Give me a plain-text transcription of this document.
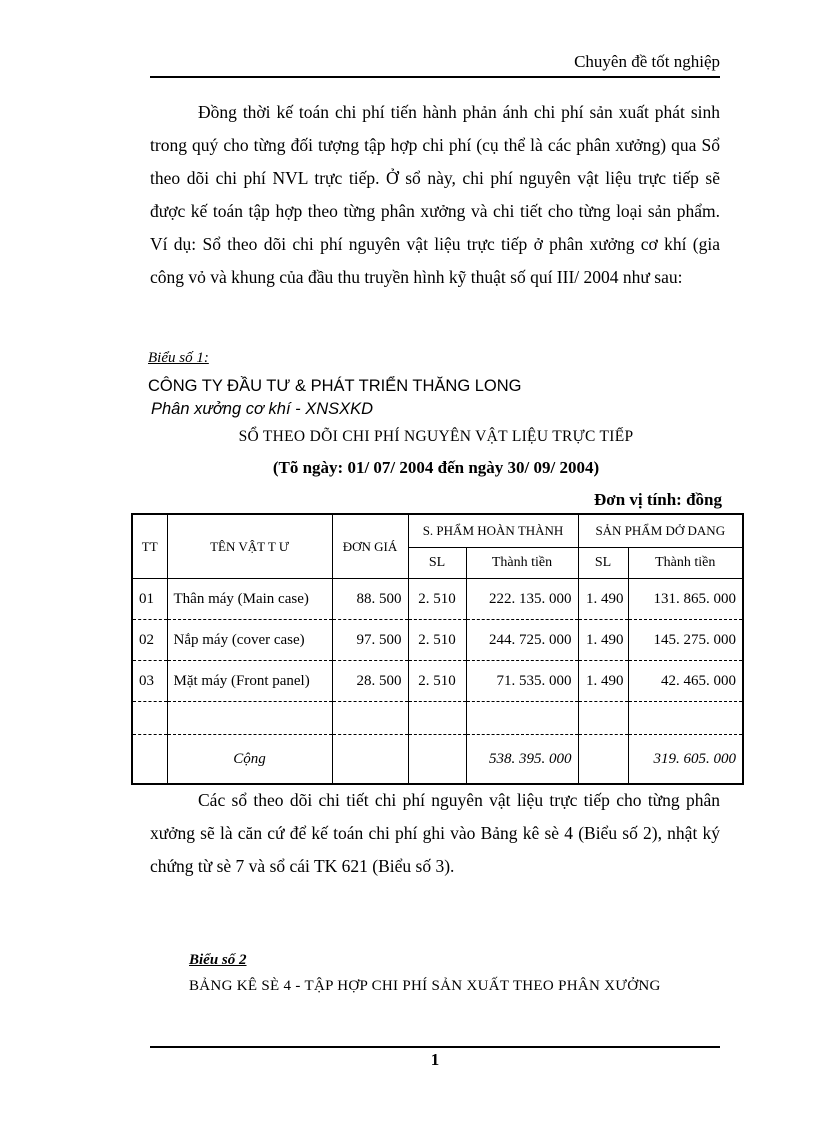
Chuyên đề tốt nghiệp

Đồng thời kế toán chi phí tiến hành phản ánh chi phí sản xuất phát sinh trong quý cho từng đối tượng tập hợp chi phí (cụ thể là các phân xưởng) qua Sổ theo dõi chi phí NVL trực tiếp. Ở sổ này, chi phí nguyên vật liệu trực tiếp sẽ được kế toán tập hợp theo từng phân xưởng và chi tiết cho từng loại sản phẩm. Ví dụ: Sổ theo dõi chi phí nguyên vật liệu trực tiếp ở phân xưởng cơ khí (gia công vỏ và khung của đầu thu truyền hình kỹ thuật số quí III/ 2004 như sau:

Biểu số 1:
CÔNG TY ĐẦU TƯ & PHÁT TRIỂN THĂNG LONG
Phân xưởng cơ khí - XNSXKD
SỔ THEO DÕI CHI PHÍ NGUYÊN VẬT LIỆU TRỰC TIẾP
(Tõ ngày: 01/ 07/ 2004 đến ngày 30/ 09/ 2004)
Đơn vị tính: đồng
TT	TÊN VẬT T Ư	ĐƠN GIÁ	S. PHẨM HOÀN THÀNH		SẢN PHẨM DỞ DANG	
			SL	Thành tiền	SL	Thành tiền
01	Thân máy (Main case)	88. 500	2. 510	222. 135. 000	1. 490	131. 865. 000
02	Nắp máy (cover case)	97. 500	2. 510	244. 725. 000	1. 490	145. 275. 000
03	Mặt máy (Front panel)	28. 500	2. 510	71. 535. 000	1. 490	42. 465. 000

	Cộng			538. 395. 000		319. 605. 000

Các sổ theo dõi chi tiết chi phí nguyên vật liệu trực tiếp cho từng phân xưởng sẽ là căn cứ để kế toán chi phí ghi vào Bảng kê sè 4 (Biểu số 2), nhật ký chứng từ sè 7 và sổ cái TK 621 (Biểu số 3).

Biểu số 2
BẢNG KÊ SÈ 4 - TẬP HỢP CHI PHÍ SẢN XUẤT THEO PHÂN XƯỞNG
1
